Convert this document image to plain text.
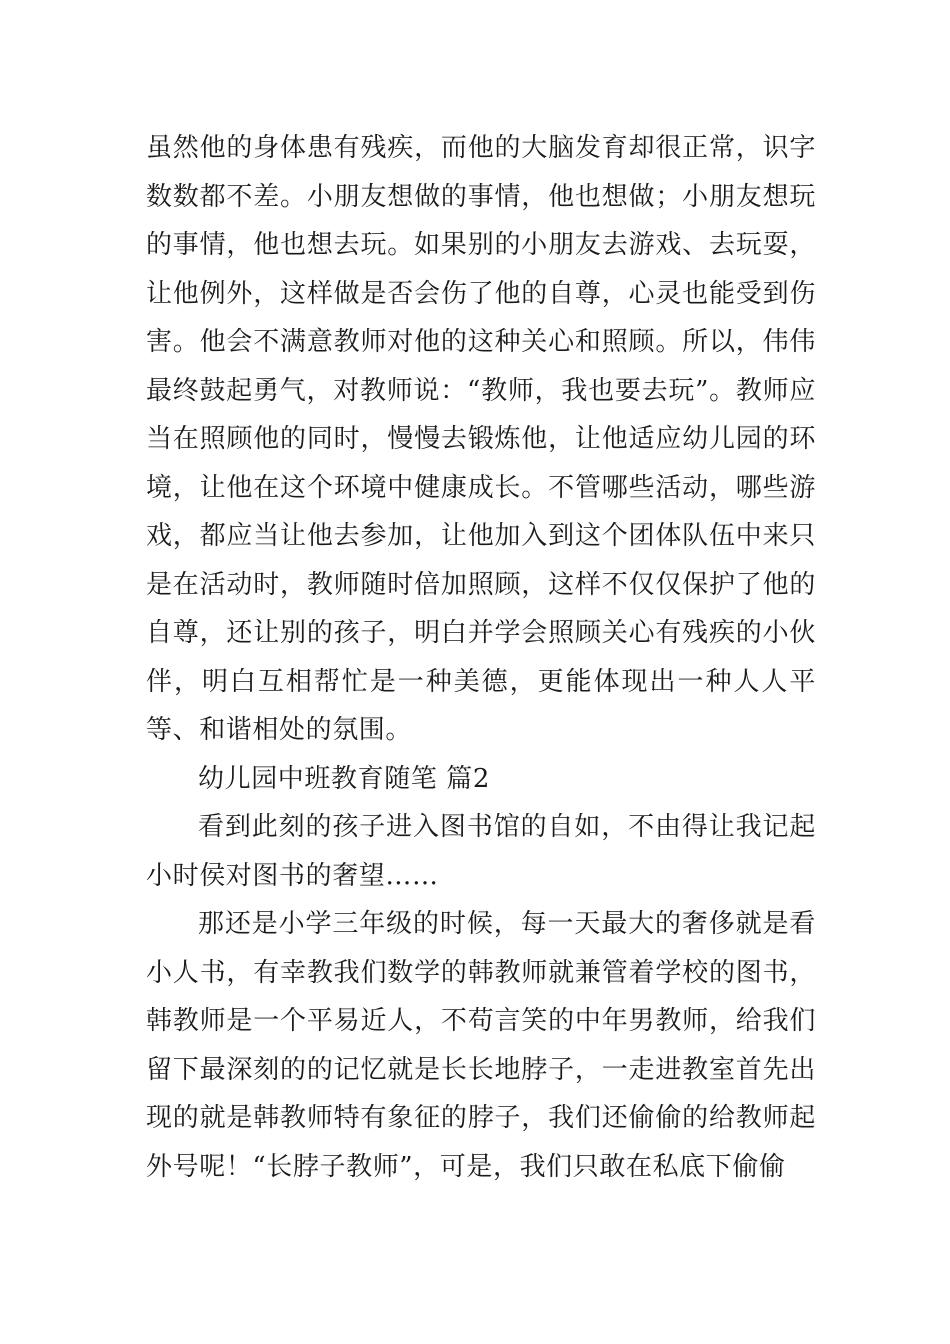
虽然他的身体患有残疾，而他的大脑发育却很正常，识字数数都不差。小朋友想做的事情，他也想做；小朋友想玩的事情，他也想去玩。如果别的小朋友去游戏、去玩耍，让他例外，这样做是否会伤了他的自尊，心灵也能受到伤害。他会不满意教师对他的这种关心和照顾。所以，伟伟最终鼓起勇气，对教师说：“教师，我也要去玩”。教师应当在照顾他的同时，慢慢去锻炼他，让他适应幼儿园的环境，让他在这个环境中健康成长。不管哪些活动，哪些游戏，都应当让他去参加，让他加入到这个团体队伍中来只是在活动时，教师随时倍加照顾，这样不仅仅保护了他的自尊，还让别的孩子，明白并学会照顾关心有残疾的小伙伴，明白互相帮忙是一种美德，更能体现出一种人人平等、和谐相处的氛围。

幼儿园中班教育随笔 篇2

看到此刻的孩子进入图书馆的自如，不由得让我记起小时侯对图书的奢望……

那还是小学三年级的时候，每一天最大的奢侈就是看小人书，有幸教我们数学的韩教师就兼管着学校的图书，韩教师是一个平易近人，不苟言笑的中年男教师，给我们留下最深刻的的记忆就是长长地脖子，一走进教室首先出现的就是韩教师特有象征的脖子，我们还偷偷的给教师起外号呢！“长脖子教师”，可是，我们只敢在私底下偷偷
